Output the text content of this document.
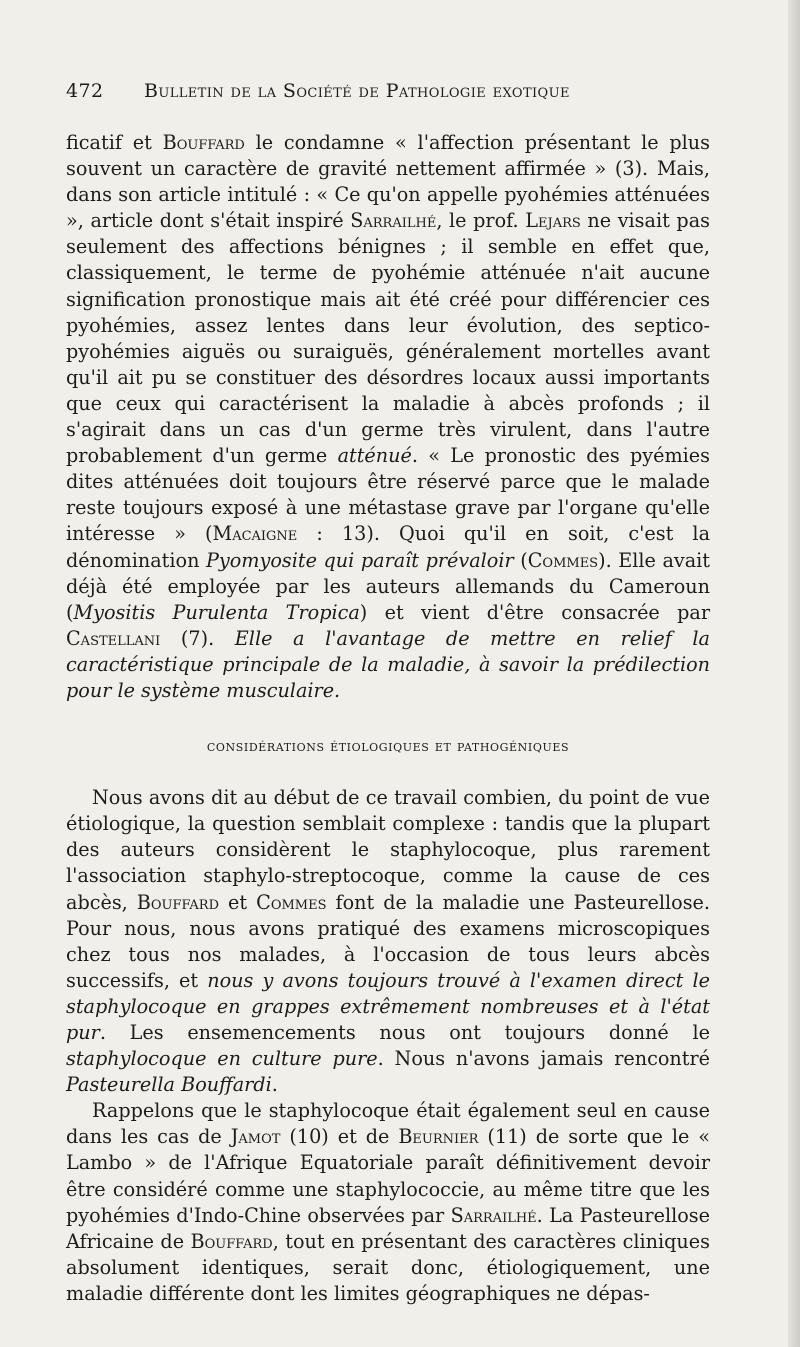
472 Bulletin de la Société de Pathologie exotique

ficatif et Bouffard le condamne « l'affection présentant le plus souvent un caractère de gravité nettement affirmée » (3). Mais, dans son article intitulé : « Ce qu'on appelle pyohémies atténuées », article dont s'était inspiré Sarrailhé, le prof. Lejars ne visait pas seulement des affections bénignes ; il semble en effet que, classiquement, le terme de pyohémie atténuée n'ait aucune signification pronostique mais ait été créé pour différencier ces pyohémies, assez lentes dans leur évolution, des septico-pyohémies aiguës ou suraiguës, généralement mortelles avant qu'il ait pu se constituer des désordres locaux aussi importants que ceux qui caractérisent la maladie à abcès profonds ; il s'agirait dans un cas d'un germe très virulent, dans l'autre probablement d'un germe atténué. « Le pronostic des pyémies dites atténuées doit toujours être réservé parce que le malade reste toujours exposé à une métastase grave par l'organe qu'elle intéresse » (Macaigne : 13). Quoi qu'il en soit, c'est la dénomination Pyomyosite qui paraît prévaloir (Commes). Elle avait déjà été employée par les auteurs allemands du Cameroun (Myositis Purulenta Tropica) et vient d'être consacrée par Castellani (7). Elle a l'avantage de mettre en relief la caractéristique principale de la maladie, à savoir la prédilection pour le système musculaire.

considérations étiologiques et pathogéniques

Nous avons dit au début de ce travail combien, du point de vue étiologique, la question semblait complexe : tandis que la plupart des auteurs considèrent le staphylocoque, plus rarement l'association staphylo-streptocoque, comme la cause de ces abcès, Bouffard et Commes font de la maladie une Pasteurellose. Pour nous, nous avons pratiqué des examens microscopiques chez tous nos malades, à l'occasion de tous leurs abcès successifs, et nous y avons toujours trouvé à l'examen direct le staphylocoque en grappes extrêmement nombreuses et à l'état pur. Les ensemencements nous ont toujours donné le staphylocoque en culture pure. Nous n'avons jamais rencontré Pasteurella Bouffardi.

Rappelons que le staphylocoque était également seul en cause dans les cas de Jamot (10) et de Beurnier (11) de sorte que le « Lambo » de l'Afrique Equatoriale paraît définitivement devoir être considéré comme une staphylococcie, au même titre que les pyohémies d'Indo-Chine observées par Sarrailhé. La Pasteurellose Africaine de Bouffard, tout en présentant des caractères cliniques absolument identiques, serait donc, étiologiquement, une maladie différente dont les limites géographiques ne dépas-
